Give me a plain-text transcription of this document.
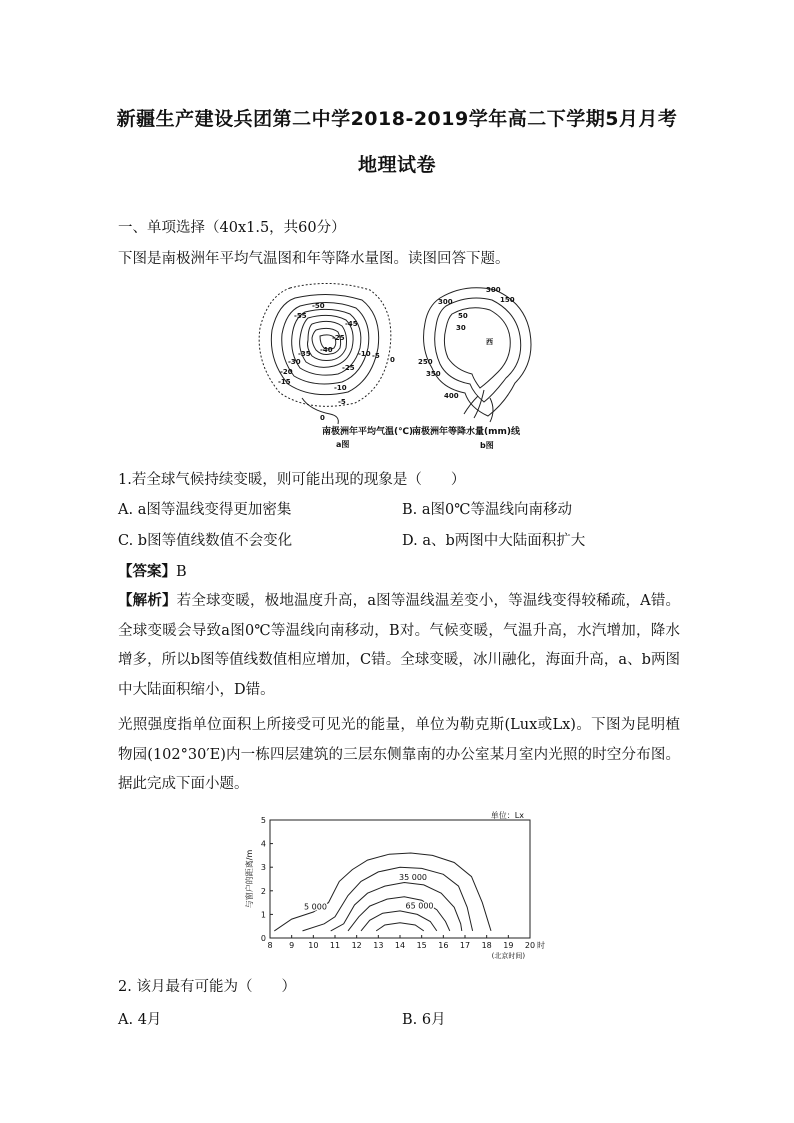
新疆生产建设兵团第二中学2018-2019学年高二下学期5月月考
地理试卷
一、单项选择（40x1.5，共60分）
下图是南极洲年平均气温图和年等降水量图。读图回答下题。
-55
-50
-45
-40
-35
-30
-25
-20
-15
-10 -5 0
-10
-5
0
-25
南极洲年平均气温(℃)
a图
300
300
150
50
30
250
350
400
西
南极洲年等降水量(mm)线
b图
1.若全球气候持续变暖，则可能出现的现象是（　　）
A. a图等温线变得更加密集	B. a图0℃等温线向南移动
C. b图等值线数值不会变化	D. a、b两图中大陆面积扩大
【答案】B
【解析】若全球变暖，极地温度升高，a图等温线温差变小，等温线变得较稀疏，A错。全球变暖会导致a图0℃等温线向南移动，B对。气候变暖，气温升高，水汽增加，降水增多，所以b图等值线数值相应增加，C错。全球变暖，冰川融化，海面升高，a、b两图中大陆面积缩小，D错。
光照强度指单位面积上所接受可见光的能量，单位为勒克斯(Lux或Lx)。下图为昆明植物园(102°30′E)内一栋四层建筑的三层东侧靠南的办公室某月室内光照的时空分布图。据此完成下面小题。
8 9 10 11 12 13 14 15 16 17 18 19 20 时
(北京时间)
0
1
2
3
4
5
与窗户的距离/m
单位：Lx
5 000
35 000
65 000
2. 该月最有可能为（　　）
A. 4月	B. 6月
